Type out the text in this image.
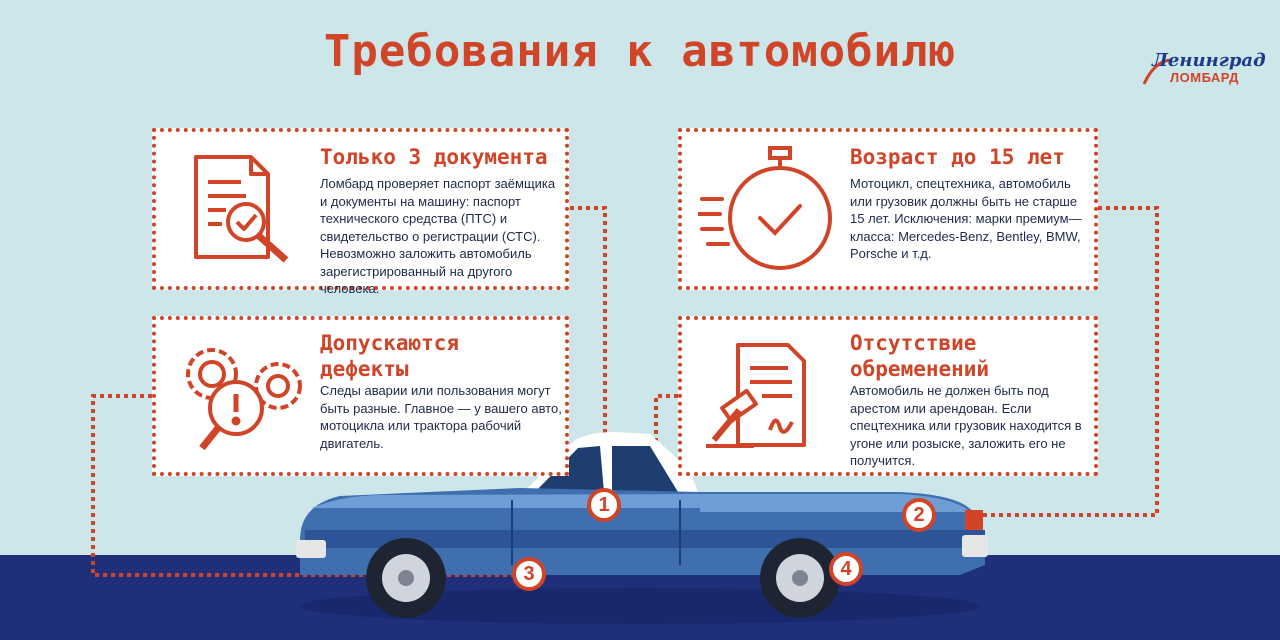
Требования к автомобилю	Ленинград
ЛОМБАРД
Только 3 документа
Ломбард проверяет паспорт заёмщика
и документы на машину: паспорт
технического средства (ПТС) и
свидетельство о регистрации (СТС).
Невозможно заложить автомобиль
зарегистрированный на другого человека.
Возраст до 15 лет
Мотоцикл, спецтехника, автомобиль
или грузовик должны быть не старше
15 лет. Исключения: марки премиум—
класса: Mercedes-Benz, Bentley, BMW,
Porsche и т.д.
Допускаются
дефекты
Следы аварии или пользования могут
быть разные. Главное — у вашего авто,
мотоцикла или трактора рабочий
двигатель.
Отсутствие
обременений
Автомобиль не должен быть под
арестом или арендован. Если
спецтехника или грузовик находится в
угоне или розыске, заложить его не
получится.
1	2
3	4
